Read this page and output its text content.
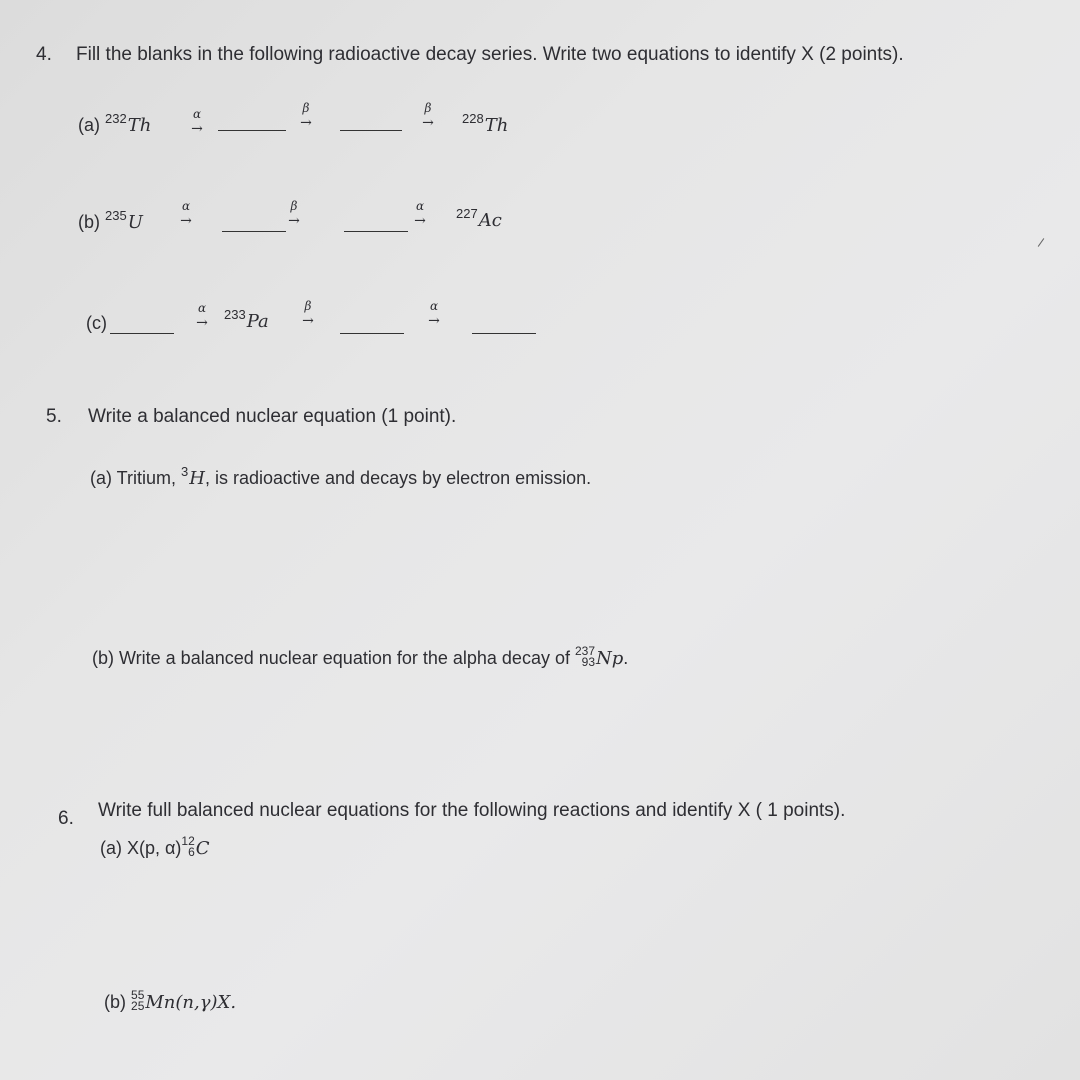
4. Fill the blanks in the following radioactive decay series. Write two equations to identify X (2 points).
(a) $^{232}$Th
α
→
β
→
β
→	$^{228}$Th
(b) $^{235}$U
α
→
β
→
α
→	$^{227}$Ac
(c)
α
→
$^{233}$Pa
β
→
α
→
5. Write a balanced nuclear equation (1 point).
(a) Tritium, $^3$H, is radioactive and decays by electron emission.
(b) Write a balanced nuclear equation for the alpha decay of 237
93 Np.
6. Write full balanced nuclear equations for the following reactions and identify X ( 1 points).
(a) X(p, α) 12
6 C
(b) 55
25 Mn(n,γ)X.
